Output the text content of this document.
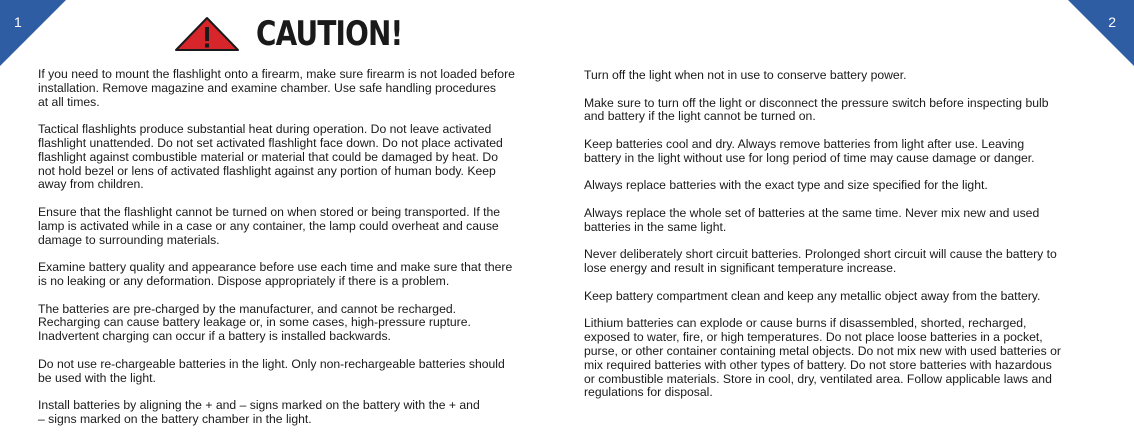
1	2
CAUTION!

If you need to mount the flashlight onto a firearm, make sure firearm is not loaded before
installation. Remove magazine and examine chamber. Use safe handling procedures
at all times.

Tactical flashlights produce substantial heat during operation. Do not leave activated
flashlight unattended. Do not set activated flashlight face down. Do not place activated
flashlight against combustible material or material that could be damaged by heat. Do
not hold bezel or lens of activated flashlight against any portion of human body. Keep
away from children.

Ensure that the flashlight cannot be turned on when stored or being transported. If the
lamp is activated while in a case or any container, the lamp could overheat and cause
damage to surrounding materials.

Examine battery quality and appearance before use each time and make sure that there
is no leaking or any deformation. Dispose appropriately if there is a problem.

The batteries are pre-charged by the manufacturer, and cannot be recharged.
Recharging can cause battery leakage or, in some cases, high-pressure rupture.
Inadvertent charging can occur if a battery is installed backwards.

Do not use re-chargeable batteries in the light. Only non-rechargeable batteries should
be used with the light.

Install batteries by aligning the + and – signs marked on the battery with the + and
– signs marked on the battery chamber in the light.

Turn off the light when not in use to conserve battery power.

Make sure to turn off the light or disconnect the pressure switch before inspecting bulb
and battery if the light cannot be turned on.

Keep batteries cool and dry. Always remove batteries from light after use. Leaving
battery in the light without use for long period of time may cause damage or danger.

Always replace batteries with the exact type and size specified for the light.

Always replace the whole set of batteries at the same time. Never mix new and used
batteries in the same light.

Never deliberately short circuit batteries. Prolonged short circuit will cause the battery to
lose energy and result in significant temperature increase.

Keep battery compartment clean and keep any metallic object away from the battery.

Lithium batteries can explode or cause burns if disassembled, shorted, recharged,
exposed to water, fire, or high temperatures. Do not place loose batteries in a pocket,
purse, or other container containing metal objects. Do not mix new with used batteries or
mix required batteries with other types of battery. Do not store batteries with hazardous
or combustible materials. Store in cool, dry, ventilated area. Follow applicable laws and
regulations for disposal.
